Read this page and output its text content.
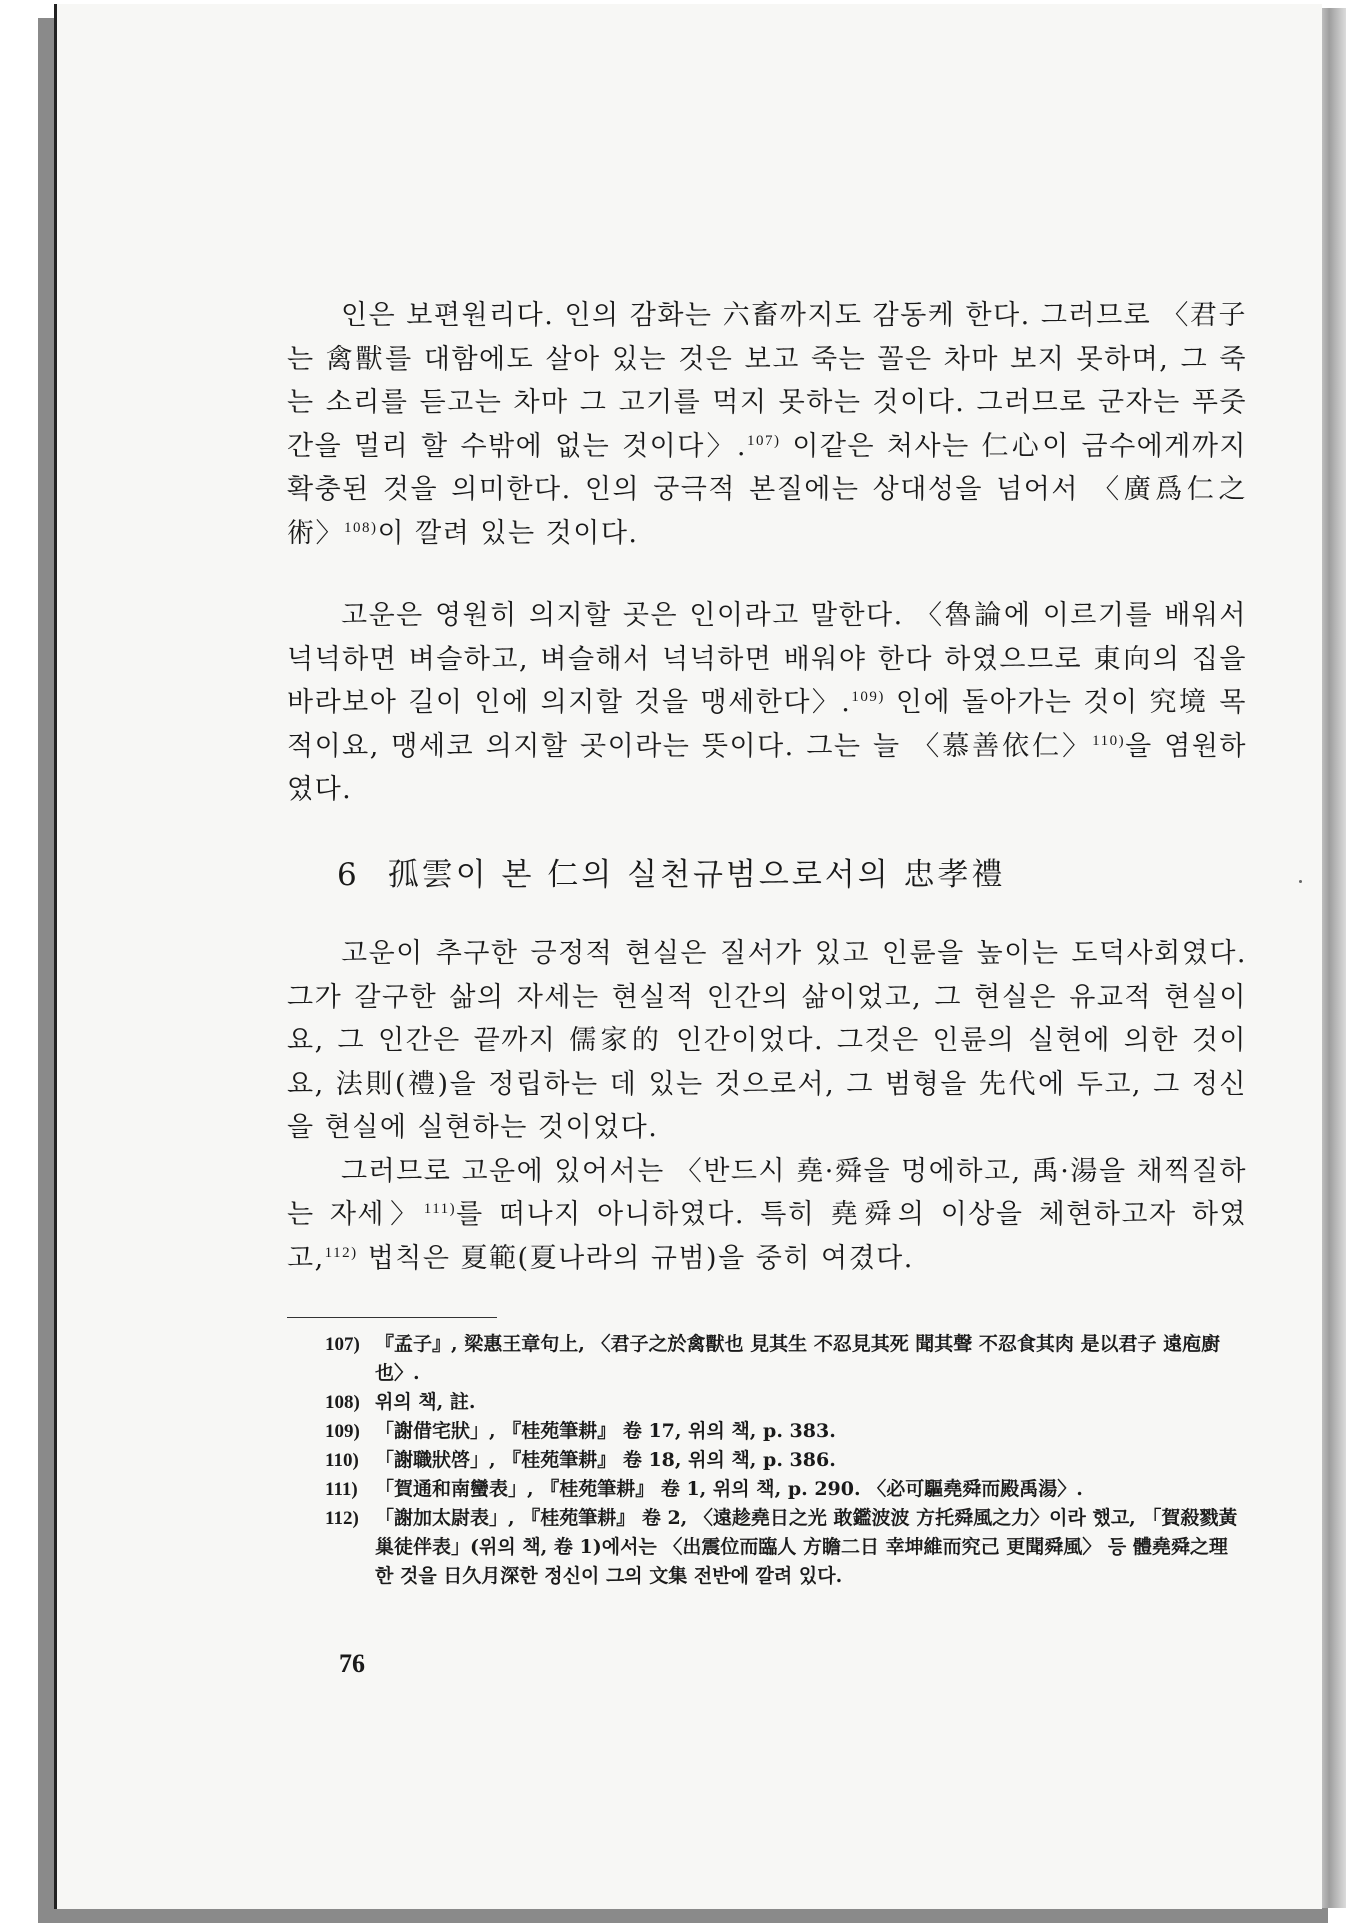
인은 보편원리다. 인의 감화는 六畜까지도 감동케 한다. 그러므로 〈君子는 禽獸를 대함에도 살아 있는 것은 보고 죽는 꼴은 차마 보지 못하며, 그 죽는 소리를 듣고는 차마 그 고기를 먹지 못하는 것이다. 그러므로 군자는 푸줏간을 멀리 할 수밖에 없는 것이다〉.$^{107)}$ 이같은 처사는 仁心이 금수에게까지 확충된 것을 의미한다. 인의 궁극적 본질에는 상대성을 넘어서 〈廣爲仁之術〉$^{108)}$이 깔려 있는 것이다.

고운은 영원히 의지할 곳은 인이라고 말한다. 〈魯論에 이르기를 배워서 넉넉하면 벼슬하고, 벼슬해서 넉넉하면 배워야 한다 하였으므로 東向의 집을 바라보아 길이 인에 의지할 것을 맹세한다〉.$^{109)}$ 인에 돌아가는 것이 究境 목적이요, 맹세코 의지할 곳이라는 뜻이다. 그는 늘 〈慕善依仁〉$^{110)}$을 염원하였다.

6 孤雲이 본 仁의 실천규범으로서의 忠孝禮

고운이 추구한 긍정적 현실은 질서가 있고 인륜을 높이는 도덕사회였다. 그가 갈구한 삶의 자세는 현실적 인간의 삶이었고, 그 현실은 유교적 현실이요, 그 인간은 끝까지 儒家的 인간이었다. 그것은 인륜의 실현에 의한 것이요, 法則(禮)을 정립하는 데 있는 것으로서, 그 범형을 先代에 두고, 그 정신을 현실에 실현하는 것이었다.

그러므로 고운에 있어서는 〈반드시 堯·舜을 멍에하고, 禹·湯을 채찍질하는 자세〉$^{111)}$를 떠나지 아니하였다. 특히 堯舜의 이상을 체현하고자 하였고,$^{112)}$ 법칙은 夏範(夏나라의 규범)을 중히 여겼다.

107) 『孟子』, 梁惠王章句上, 〈君子之於禽獸也 見其生 不忍見其死 聞其聲 不忍食其肉 是以君子 遠庖廚也〉.
108) 위의 책, 註.
109) 「謝借宅狀」, 『桂苑筆耕』 卷 17, 위의 책, p. 383.
110) 「謝職狀啓」, 『桂苑筆耕』 卷 18, 위의 책, p. 386.
111) 「賀通和南蠻表」, 『桂苑筆耕』 卷 1, 위의 책, p. 290. 〈必可驅堯舜而殿禹湯〉.
112) 「謝加太尉表」, 『桂苑筆耕』 卷 2, 〈遠趁堯日之光 敢鑑波波 方托舜風之力〉이라 했고, 「賀殺戮黃巢徒伴表」(위의 책, 卷 1)에서는 〈出震位而臨人 方瞻二日 幸坤維而究己 更聞舜風〉 등 體堯舜之理한 것을 日久月深한 정신이 그의 文集 전반에 깔려 있다.
76
